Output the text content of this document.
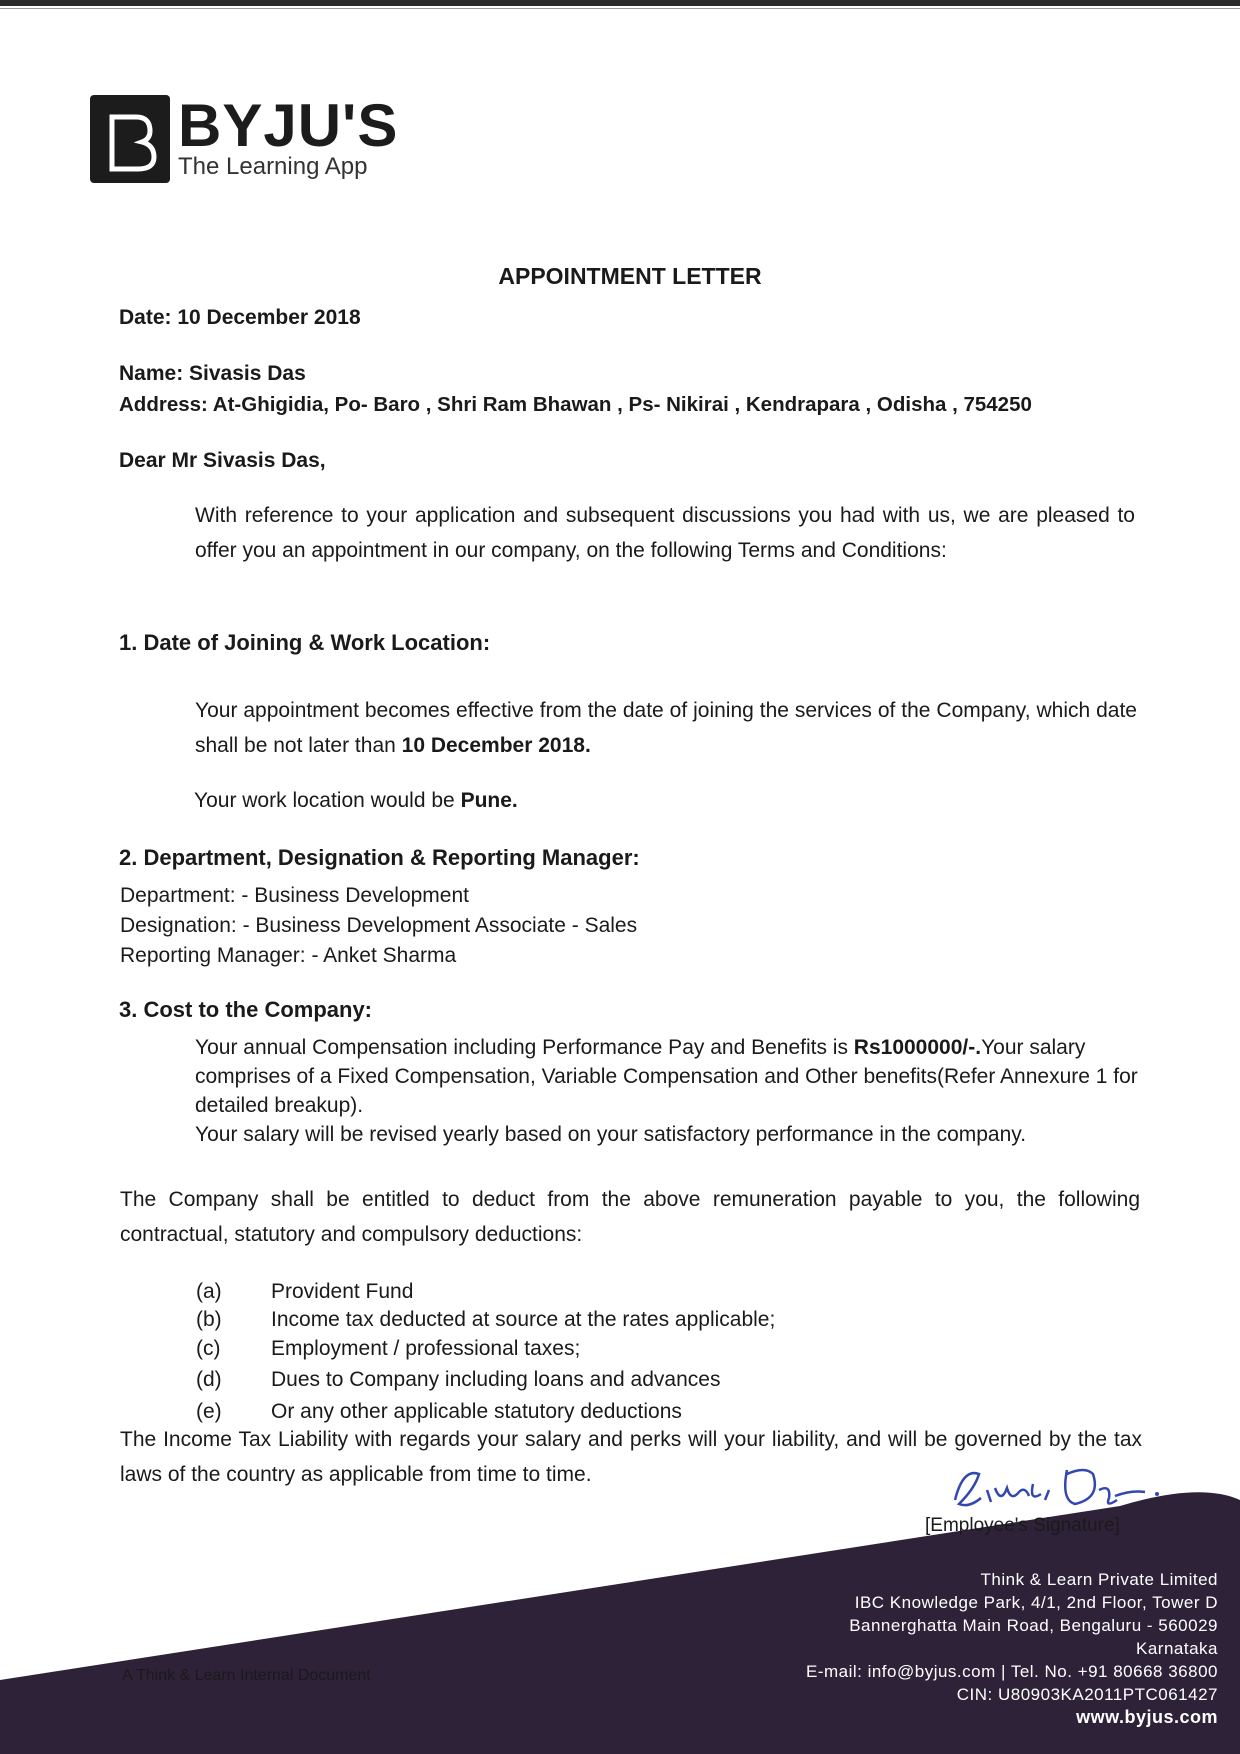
BYJU'S
The Learning App
APPOINTMENT LETTER
Date: 10 December 2018
Name: Sivasis Das
Address: At-Ghigidia, Po- Baro , Shri Ram Bhawan , Ps- Nikirai , Kendrapara , Odisha , 754250
Dear Mr Sivasis Das,
With reference to your application and subsequent discussions you had with us, we are pleased to offer you an appointment in our company, on the following Terms and Conditions:
1. Date of Joining & Work Location:
Your appointment becomes effective from the date of joining the services of the Company, which date shall be not later than 10 December 2018.
Your work location would be Pune.
2. Department, Designation & Reporting Manager:
Department: - Business Development
Designation: - Business Development Associate - Sales
Reporting Manager: - Anket Sharma
3. Cost to the Company:
Your annual Compensation including Performance Pay and Benefits is Rs1000000/-.Your salary comprises of a Fixed Compensation, Variable Compensation and Other benefits(Refer Annexure 1 for detailed breakup).
Your salary will be revised yearly based on your satisfactory performance in the company.
The Company shall be entitled to deduct from the above remuneration payable to you, the following contractual, statutory and compulsory deductions:
(a) Provident Fund
(b) Income tax deducted at source at the rates applicable;
(c) Employment / professional taxes;
(d) Dues to Company including loans and advances
(e) Or any other applicable statutory deductions
The Income Tax Liability with regards your salary and perks will your liability, and will be governed by the tax laws of the country as applicable from time to time.
[Employee's Signature]
A Think & Learn Internal Document
Think & Learn Private Limited
IBC Knowledge Park, 4/1, 2nd Floor, Tower D
Bannerghatta Main Road, Bengaluru - 560029
Karnataka
E-mail: info@byjus.com | Tel. No. +91 80668 36800
CIN: U80903KA2011PTC061427
www.byjus.com
